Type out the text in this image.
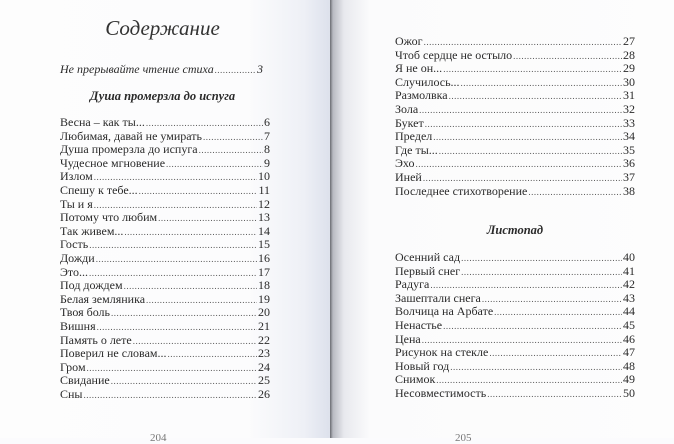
Содержание
Не прерывайте чтение стиха .....	3
Душа промерзла до испуга
Весна – как ты... .....	6
Любимая, давай не умирать .....	7
Душа промерзла до испуга .....	8
Чудесное мгновение .....	9
Излом .....	10
Спешу к тебе... .....	11
Ты и я .....	12
Потому что любим .....	13
Так живем... .....	14
Гость .....	15
Дожди .....	16
Это... .....	17
Под дождем .....	18
Белая земляника .....	19
Твоя боль .....	20
Вишня .....	21
Память о лете .....	22
Поверил не словам... .....	23
Гром .....	24
Свидание .....	25
Сны .....	26
204
Ожог .....	27
Чтоб сердце не остыло .....	28
Я не он... .....	29
Случилось... .....	30
Размолвка .....	31
Зола .....	32
Букет .....	33
Предел .....	34
Где ты... .....	35
Эхо .....	36
Иней .....	37
Последнее стихотворение .....	38
Листопад
Осенний сад .....	40
Первый снег .....	41
Радуга .....	42
Зашептали снега .....	43
Волчица на Арбате .....	44
Ненастье .....	45
Цена .....	46
Рисунок на стекле .....	47
Новый год .....	48
Снимок .....	49
Несовместимость .....	50
205
